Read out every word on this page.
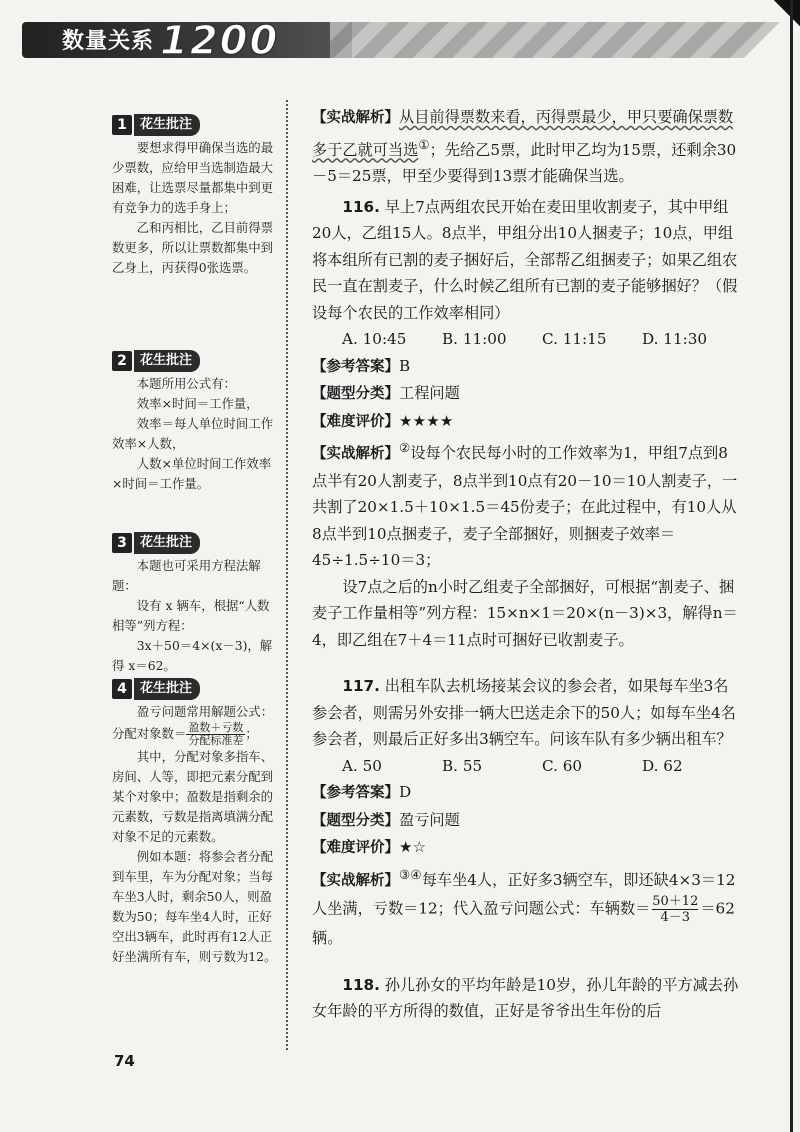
数量关系 1200
1	花生批注

要想求得甲确保当选的最少票数，应给甲当选制造最大困难，让选票尽量都集中到更有竞争力的选手身上；

乙和丙相比，乙目前得票数更多，所以让票数都集中到乙身上，丙获得0张选票。

2	花生批注

本题所用公式有：

效率×时间＝工作量，

效率＝每人单位时间工作效率×人数，

人数×单位时间工作效率×时间＝工作量。

3	花生批注

本题也可采用方程法解题：

设有 x 辆车，根据“人数相等”列方程：

3x＋50＝4×(x－3)，解得 x＝62。

4	花生批注

盈亏问题常用解题公式：

分配对象数＝ $\frac{\text{盈数＋亏数}}{\text{分配标准差}}$ ；

其中，分配对象多指车、房间、人等，即把元素分配到某个对象中；盈数是指剩余的元素数，亏数是指离填满分配对象不足的元素数。

例如本题：将参会者分配到车里，车为分配对象；当每车坐3人时，剩余50人，则盈数为50；每车坐4人时，正好空出3辆车，此时再有12人正好坐满所有车，则亏数为12。

【实战解析】从目前得票数来看，丙得票最少，甲只要确保票数多于乙就可当选①；先给乙5票，此时甲乙均为15票，还剩余30－5＝25票，甲至少要得到13票才能确保当选。

116. 早上7点两组农民开始在麦田里收割麦子，其中甲组20人，乙组15人。8点半，甲组分出10人捆麦子；10点，甲组将本组所有已割的麦子捆好后，全部帮乙组捆麦子；如果乙组农民一直在割麦子，什么时候乙组所有已割的麦子能够捆好？（假设每个农民的工作效率相同）

A. 10:45	B. 11:00	C. 11:15	D. 11:30

【参考答案】B

【题型分类】工程问题

【难度评价】★★★★

【实战解析】②设每个农民每小时的工作效率为1，甲组7点到8点半有20人割麦子，8点半到10点有20－10＝10人割麦子，一共割了20×1.5＋10×1.5＝45份麦子；在此过程中，有10人从8点半到10点捆麦子，麦子全部捆好，则捆麦子效率＝45÷1.5÷10＝3；

设7点之后的n小时乙组麦子全部捆好，可根据“割麦子、捆麦子工作量相等”列方程：15×n×1＝20×(n－3)×3，解得n＝4，即乙组在7＋4＝11点时可捆好已收割麦子。

117. 出租车队去机场接某会议的参会者，如果每车坐3名参会者，则需另外安排一辆大巴送走余下的50人；如每车坐4名参会者，则最后正好多出3辆空车。问该车队有多少辆出租车？

A. 50	B. 55	C. 60	D. 62

【参考答案】D

【题型分类】盈亏问题

【难度评价】★☆

【实战解析】③④每车坐4人，正好多3辆空车，即还缺4×3＝12人坐满，亏数＝12；代入盈亏问题公式：车辆数＝ $\frac{50+12}{4-3} =62$辆。

118. 孙儿孙女的平均年龄是10岁，孙儿年龄的平方减去孙女年龄的平方所得的数值，正好是爷爷出生年份的后

74
